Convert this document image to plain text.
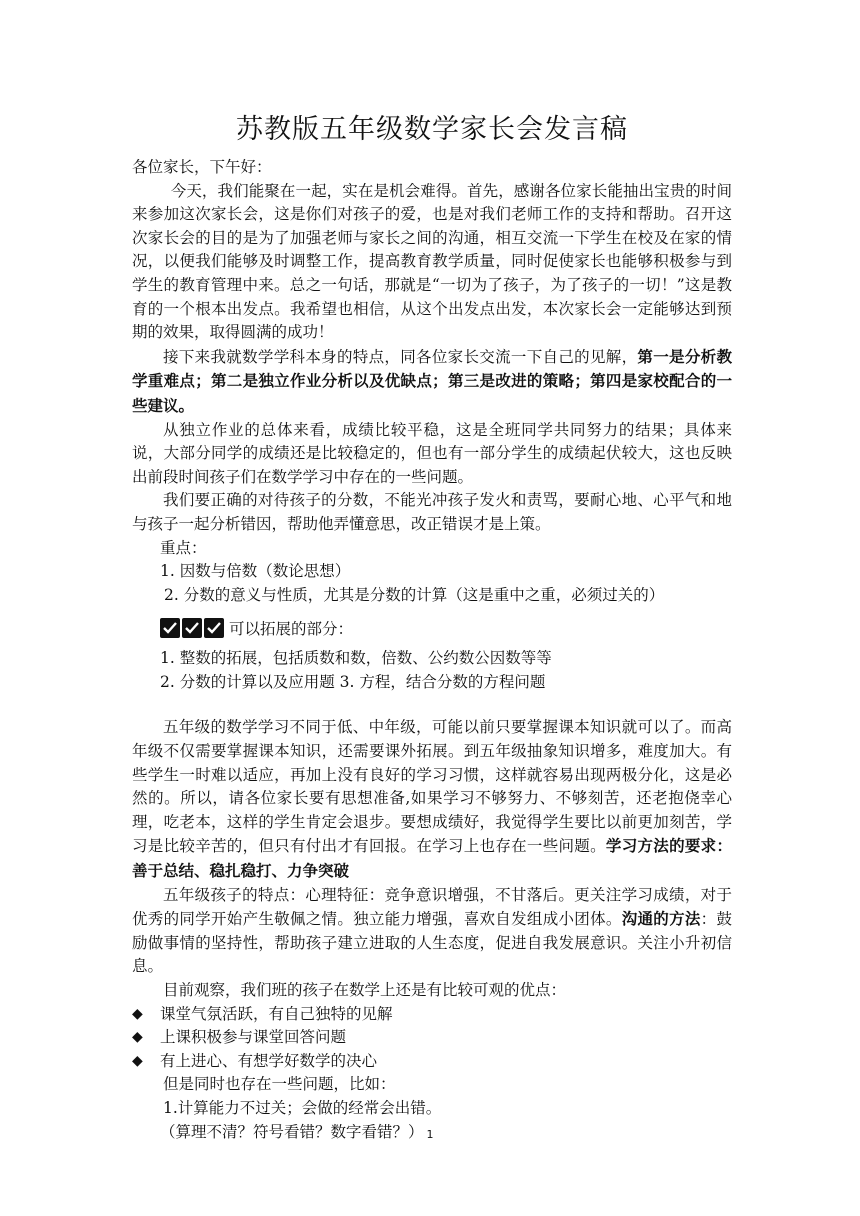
苏教版五年级数学家长会发言稿

各位家长，下午好：

今天，我们能聚在一起，实在是机会难得。首先，感谢各位家长能抽出宝贵的时间来参加这次家长会，这是你们对孩子的爱，也是对我们老师工作的支持和帮助。召开这次家长会的目的是为了加强老师与家长之间的沟通，相互交流一下学生在校及在家的情况，以便我们能够及时调整工作，提高教育教学质量，同时促使家长也能够积极参与到学生的教育管理中来。总之一句话，那就是“一切为了孩子，为了孩子的一切！”这是教育的一个根本出发点。我希望也相信，从这个出发点出发，本次家长会一定能够达到预期的效果，取得圆满的成功！

接下来我就数学学科本身的特点，同各位家长交流一下自己的见解，第一是分析教学重难点；第二是独立作业分析以及优缺点；第三是改进的策略；第四是家校配合的一些建议。

从独立作业的总体来看，成绩比较平稳，这是全班同学共同努力的结果；具体来说，大部分同学的成绩还是比较稳定的，但也有一部分学生的成绩起伏较大，这也反映出前段时间孩子们在数学学习中存在的一些问题。

我们要正确的对待孩子的分数，不能光冲孩子发火和责骂，要耐心地、心平气和地与孩子一起分析错因，帮助他弄懂意思，改正错误才是上策。

重点：

1. 因数与倍数（数论思想）

2. 分数的意义与性质，尤其是分数的计算（这是重中之重，必须过关的）

可以拓展的部分：

1. 整数的拓展，包括质数和数，倍数、公约数公因数等等

2. 分数的计算以及应用题 3. 方程，结合分数的方程问题

五年级的数学学习不同于低、中年级，可能以前只要掌握课本知识就可以了。而高年级不仅需要掌握课本知识，还需要课外拓展。到五年级抽象知识增多，难度加大。有些学生一时难以适应，再加上没有良好的学习习惯，这样就容易出现两极分化，这是必然的。所以，请各位家长要有思想准备,如果学习不够努力、不够刻苦，还老抱侥幸心理，吃老本，这样的学生肯定会退步。要想成绩好，我觉得学生要比以前更加刻苦，学习是比较辛苦的，但只有付出才有回报。在学习上也存在一些问题。学习方法的要求：善于总结、稳扎稳打、力争突破

五年级孩子的特点：心理特征：竞争意识增强，不甘落后。更关注学习成绩，对于优秀的同学开始产生敬佩之情。独立能力增强，喜欢自发组成小团体。沟通的方法：鼓励做事情的坚持性，帮助孩子建立进取的人生态度，促进自我发展意识。关注小升初信息。

目前观察，我们班的孩子在数学上还是有比较可观的优点：

◆	课堂气氛活跃，有自己独特的见解

◆	上课积极参与课堂回答问题

◆	有上进心、有想学好数学的决心

但是同时也存在一些问题，比如：

1.计算能力不过关；会做的经常会出错。

（算理不清？符号看错？数字看错？） 1
